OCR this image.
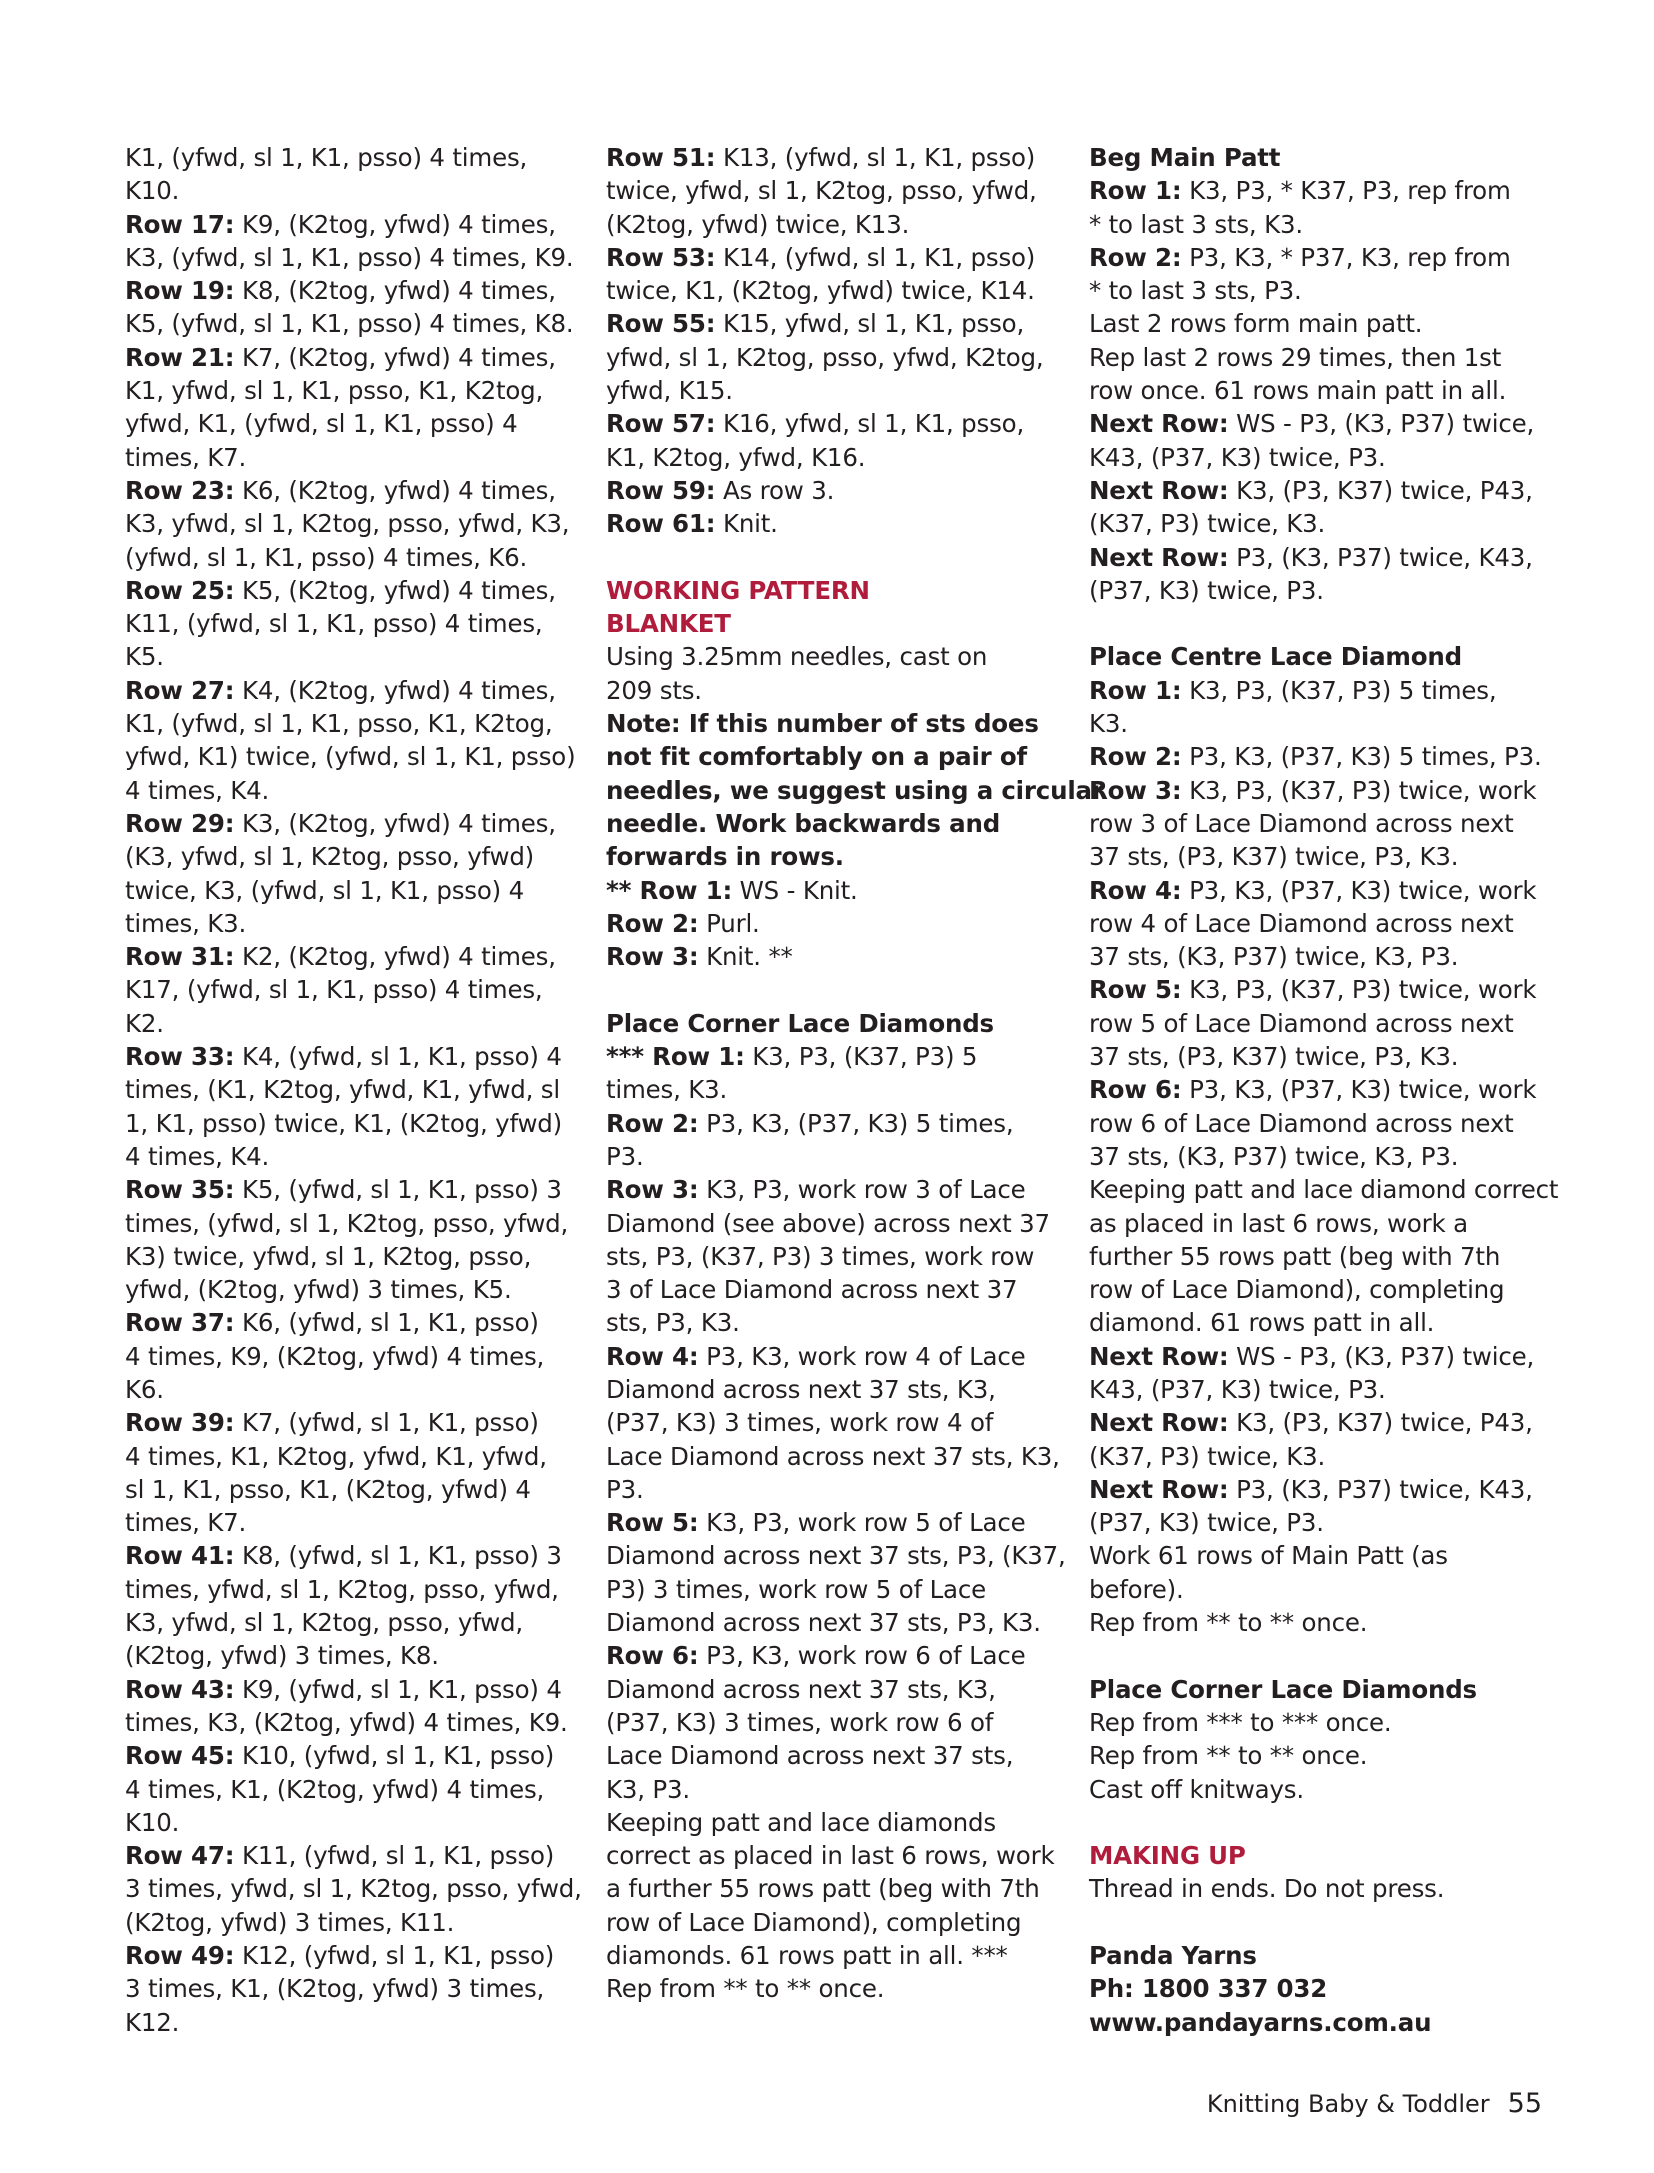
K1, (yfwd, sl 1, K1, psso) 4 times,
K10.
Row 17: K9, (K2tog, yfwd) 4 times,
K3, (yfwd, sl 1, K1, psso) 4 times, K9.
Row 19: K8, (K2tog, yfwd) 4 times,
K5, (yfwd, sl 1, K1, psso) 4 times, K8.
Row 21: K7, (K2tog, yfwd) 4 times,
K1, yfwd, sl 1, K1, psso, K1, K2tog,
yfwd, K1, (yfwd, sl 1, K1, psso) 4
times, K7.
Row 23: K6, (K2tog, yfwd) 4 times,
K3, yfwd, sl 1, K2tog, psso, yfwd, K3,
(yfwd, sl 1, K1, psso) 4 times, K6.
Row 25: K5, (K2tog, yfwd) 4 times,
K11, (yfwd, sl 1, K1, psso) 4 times,
K5.
Row 27: K4, (K2tog, yfwd) 4 times,
K1, (yfwd, sl 1, K1, psso, K1, K2tog,
yfwd, K1) twice, (yfwd, sl 1, K1, psso)
4 times, K4.
Row 29: K3, (K2tog, yfwd) 4 times,
(K3, yfwd, sl 1, K2tog, psso, yfwd)
twice, K3, (yfwd, sl 1, K1, psso) 4
times, K3.
Row 31: K2, (K2tog, yfwd) 4 times,
K17, (yfwd, sl 1, K1, psso) 4 times,
K2.
Row 33: K4, (yfwd, sl 1, K1, psso) 4
times, (K1, K2tog, yfwd, K1, yfwd, sl
1, K1, psso) twice, K1, (K2tog, yfwd)
4 times, K4.
Row 35: K5, (yfwd, sl 1, K1, psso) 3
times, (yfwd, sl 1, K2tog, psso, yfwd,
K3) twice, yfwd, sl 1, K2tog, psso,
yfwd, (K2tog, yfwd) 3 times, K5.
Row 37: K6, (yfwd, sl 1, K1, psso)
4 times, K9, (K2tog, yfwd) 4 times,
K6.
Row 39: K7, (yfwd, sl 1, K1, psso)
4 times, K1, K2tog, yfwd, K1, yfwd,
sl 1, K1, psso, K1, (K2tog, yfwd) 4
times, K7.
Row 41: K8, (yfwd, sl 1, K1, psso) 3
times, yfwd, sl 1, K2tog, psso, yfwd,
K3, yfwd, sl 1, K2tog, psso, yfwd,
(K2tog, yfwd) 3 times, K8.
Row 43: K9, (yfwd, sl 1, K1, psso) 4
times, K3, (K2tog, yfwd) 4 times, K9.
Row 45: K10, (yfwd, sl 1, K1, psso)
4 times, K1, (K2tog, yfwd) 4 times,
K10.
Row 47: K11, (yfwd, sl 1, K1, psso)
3 times, yfwd, sl 1, K2tog, psso, yfwd,
(K2tog, yfwd) 3 times, K11.
Row 49: K12, (yfwd, sl 1, K1, psso)
3 times, K1, (K2tog, yfwd) 3 times,
K12.
Row 51: K13, (yfwd, sl 1, K1, psso)
twice, yfwd, sl 1, K2tog, psso, yfwd,
(K2tog, yfwd) twice, K13.
Row 53: K14, (yfwd, sl 1, K1, psso)
twice, K1, (K2tog, yfwd) twice, K14.
Row 55: K15, yfwd, sl 1, K1, psso,
yfwd, sl 1, K2tog, psso, yfwd, K2tog,
yfwd, K15.
Row 57: K16, yfwd, sl 1, K1, psso,
K1, K2tog, yfwd, K16.
Row 59: As row 3.
Row 61: Knit.
WORKING PATTERN
BLANKET
Using 3.25mm needles, cast on
209 sts.
Note: If this number of sts does
not fit comfortably on a pair of
needles, we suggest using a circular
needle. Work backwards and
forwards in rows.
** Row 1: WS - Knit.
Row 2: Purl.
Row 3: Knit. **
Place Corner Lace Diamonds
*** Row 1: K3, P3, (K37, P3) 5
times, K3.
Row 2: P3, K3, (P37, K3) 5 times,
P3.
Row 3: K3, P3, work row 3 of Lace
Diamond (see above) across next 37
sts, P3, (K37, P3) 3 times, work row
3 of Lace Diamond across next 37
sts, P3, K3.
Row 4: P3, K3, work row 4 of Lace
Diamond across next 37 sts, K3,
(P37, K3) 3 times, work row 4 of
Lace Diamond across next 37 sts, K3,
P3.
Row 5: K3, P3, work row 5 of Lace
Diamond across next 37 sts, P3, (K37,
P3) 3 times, work row 5 of Lace
Diamond across next 37 sts, P3, K3.
Row 6: P3, K3, work row 6 of Lace
Diamond across next 37 sts, K3,
(P37, K3) 3 times, work row 6 of
Lace Diamond across next 37 sts,
K3, P3.
Keeping patt and lace diamonds
correct as placed in last 6 rows, work
a further 55 rows patt (beg with 7th
row of Lace Diamond), completing
diamonds. 61 rows patt in all. ***
Rep from ** to ** once.
Beg Main Patt
Row 1: K3, P3, * K37, P3, rep from
* to last 3 sts, K3.
Row 2: P3, K3, * P37, K3, rep from
* to last 3 sts, P3.
Last 2 rows form main patt.
Rep last 2 rows 29 times, then 1st
row once. 61 rows main patt in all.
Next Row: WS - P3, (K3, P37) twice,
K43, (P37, K3) twice, P3.
Next Row: K3, (P3, K37) twice, P43,
(K37, P3) twice, K3.
Next Row: P3, (K3, P37) twice, K43,
(P37, K3) twice, P3.
Place Centre Lace Diamond
Row 1: K3, P3, (K37, P3) 5 times,
K3.
Row 2: P3, K3, (P37, K3) 5 times, P3.
Row 3: K3, P3, (K37, P3) twice, work
row 3 of Lace Diamond across next
37 sts, (P3, K37) twice, P3, K3.
Row 4: P3, K3, (P37, K3) twice, work
row 4 of Lace Diamond across next
37 sts, (K3, P37) twice, K3, P3.
Row 5: K3, P3, (K37, P3) twice, work
row 5 of Lace Diamond across next
37 sts, (P3, K37) twice, P3, K3.
Row 6: P3, K3, (P37, K3) twice, work
row 6 of Lace Diamond across next
37 sts, (K3, P37) twice, K3, P3.
Keeping patt and lace diamond correct
as placed in last 6 rows, work a
further 55 rows patt (beg with 7th
row of Lace Diamond), completing
diamond. 61 rows patt in all.
Next Row: WS - P3, (K3, P37) twice,
K43, (P37, K3) twice, P3.
Next Row: K3, (P3, K37) twice, P43,
(K37, P3) twice, K3.
Next Row: P3, (K3, P37) twice, K43,
(P37, K3) twice, P3.
Work 61 rows of Main Patt (as
before).
Rep from ** to ** once.
Place Corner Lace Diamonds
Rep from *** to *** once.
Rep from ** to ** once.
Cast off knitways.
MAKING UP
Thread in ends. Do not press.
Panda Yarns
Ph: 1800 337 032
www.pandayarns.com.au
Knitting Baby & Toddler 55
